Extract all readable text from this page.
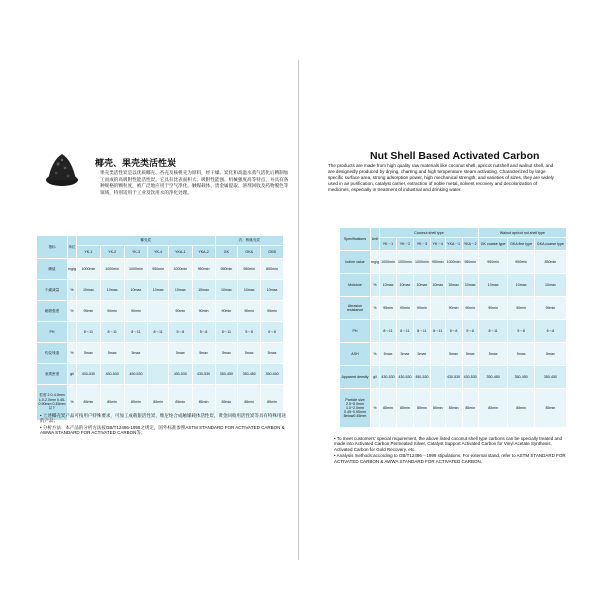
椰壳、果壳类活性炭
果壳类活性炭是以优质椰壳、杏壳及核桃壳为原料，经干燥、炭化和高温水蒸气活化后精制加工而成的高吸附性能活性炭。它具有比表面积大、吸附性能强、机械强度高等特点，并具有各种规格的颗粒度，被广泛地应用于空气净化、触媒载体、贵金属提取、溶剂回收及药物脱色等领域，特别适用于工业及饮用水的净化处理。
指标	单位	椰壳炭						杏、核桃壳炭		
		YK-1	YK-2	YK-3	YK-4	YKA-1	YKA-2	GK	GKA	GKB
碘值	mg/g	1000min	1000min	1000min	950min	1000min	950min	950min	950min	850min
干燥减量	%	10max	10max	10max	10max	10max	10max	10max	10max	10max
耐磨强度	%	95min	90min	90min		90min	90min	90min	90min	95min
PH		8～11	8～11	8～11	8～11	5～8	5～8	8～11	5～8	6～8
灼烧残渣	%	5max	5max	5max		5max	5max	5max	5max	5max
表观密度	g/l	430-530	430-530	450-530		430-530	430-530	350-450	350-450	350-450
粒度 2.0-4.0mm 1.0-2.0mm 0.45-0.90mm 0.45mm以下	%	85min	85min	85min	85min	85min	85min	85min	85min	85min

• 上述椰壳炭产品可按用户特殊要求，可加工成载银活性炭、维尼纶合成触媒载体活性炭、黄金回收用活性炭等具有特殊用途的产品；

• 分析方法：本产品的分析方法按GB/T12496-1999之规定，国外标准参照ASTM STANDARD FOR ACTIVATED CARBON & AWWA STANDARD FOR ACTIVATED CARBON等；

Nut Shell Based Activated Carbon
The products are made from high quality raw materials like coconut shell, apricot nutshell and walnut shell, and are designedly produced by drying, charring and high temperature steam activating. Characterized by large specific surface area, strong adsorption power, high mechanical strength, and varieties of sizes, they are widely used in air purification, catalyst carrier, extraction of noble metal, solvent recovery and decolorization of medicines, especially in treatment of industrial and drinking water.
Specifications	Unit	Coconut shell type						Walnut apricot nut shell type		
		YK－1	YK－2	YK－3	YK－4	YKA－1	YKA－2	GK coarse type	GKA fine type	GKA coarse type
Iodine value	mg/g	1000min	1000min	1000min	950min	1000min	950min	950min	950min	850min
Moisture	%	10max	10max	10max	10max	10max	10max	10max	10max	10max
Abrasion resistance	%	95min	90min	90min		90min	90min	90min	90min	95min
PH		8～11	8～11	8～11	8～11	5～8	5～8	8～11	5～8	6～8
ASH	%	5max	5max	5max		5max	5max	5max	5max	5max
Apparent density	g/l	430-530	430-530	450-530		430-530	430-530	350-450	350-450	350-450
Particle size 2.5~5.0mm 1.0~2.0mm 0.45~0.90mm Below0.45mm	%	85min	85min	85min	85min	85min	85min	85min	85min	85min

• To meet customers' special requirement, the above listed coconut shell type carbons can be specially treated and made into Activated Carbon Permeated Silver, Catalyst Support Activated Carbon for Vinyl Acetate Synthesis, Activated Carbon for Gold Recovery, etc.

• Analysis methods:according to GB/T12496－1999 stipulations. For external stand, refer to ASTM STANDARD FOR ACTIVATED CARBON & AWWA STANDARD FOR ACTIVATED CARBON.
